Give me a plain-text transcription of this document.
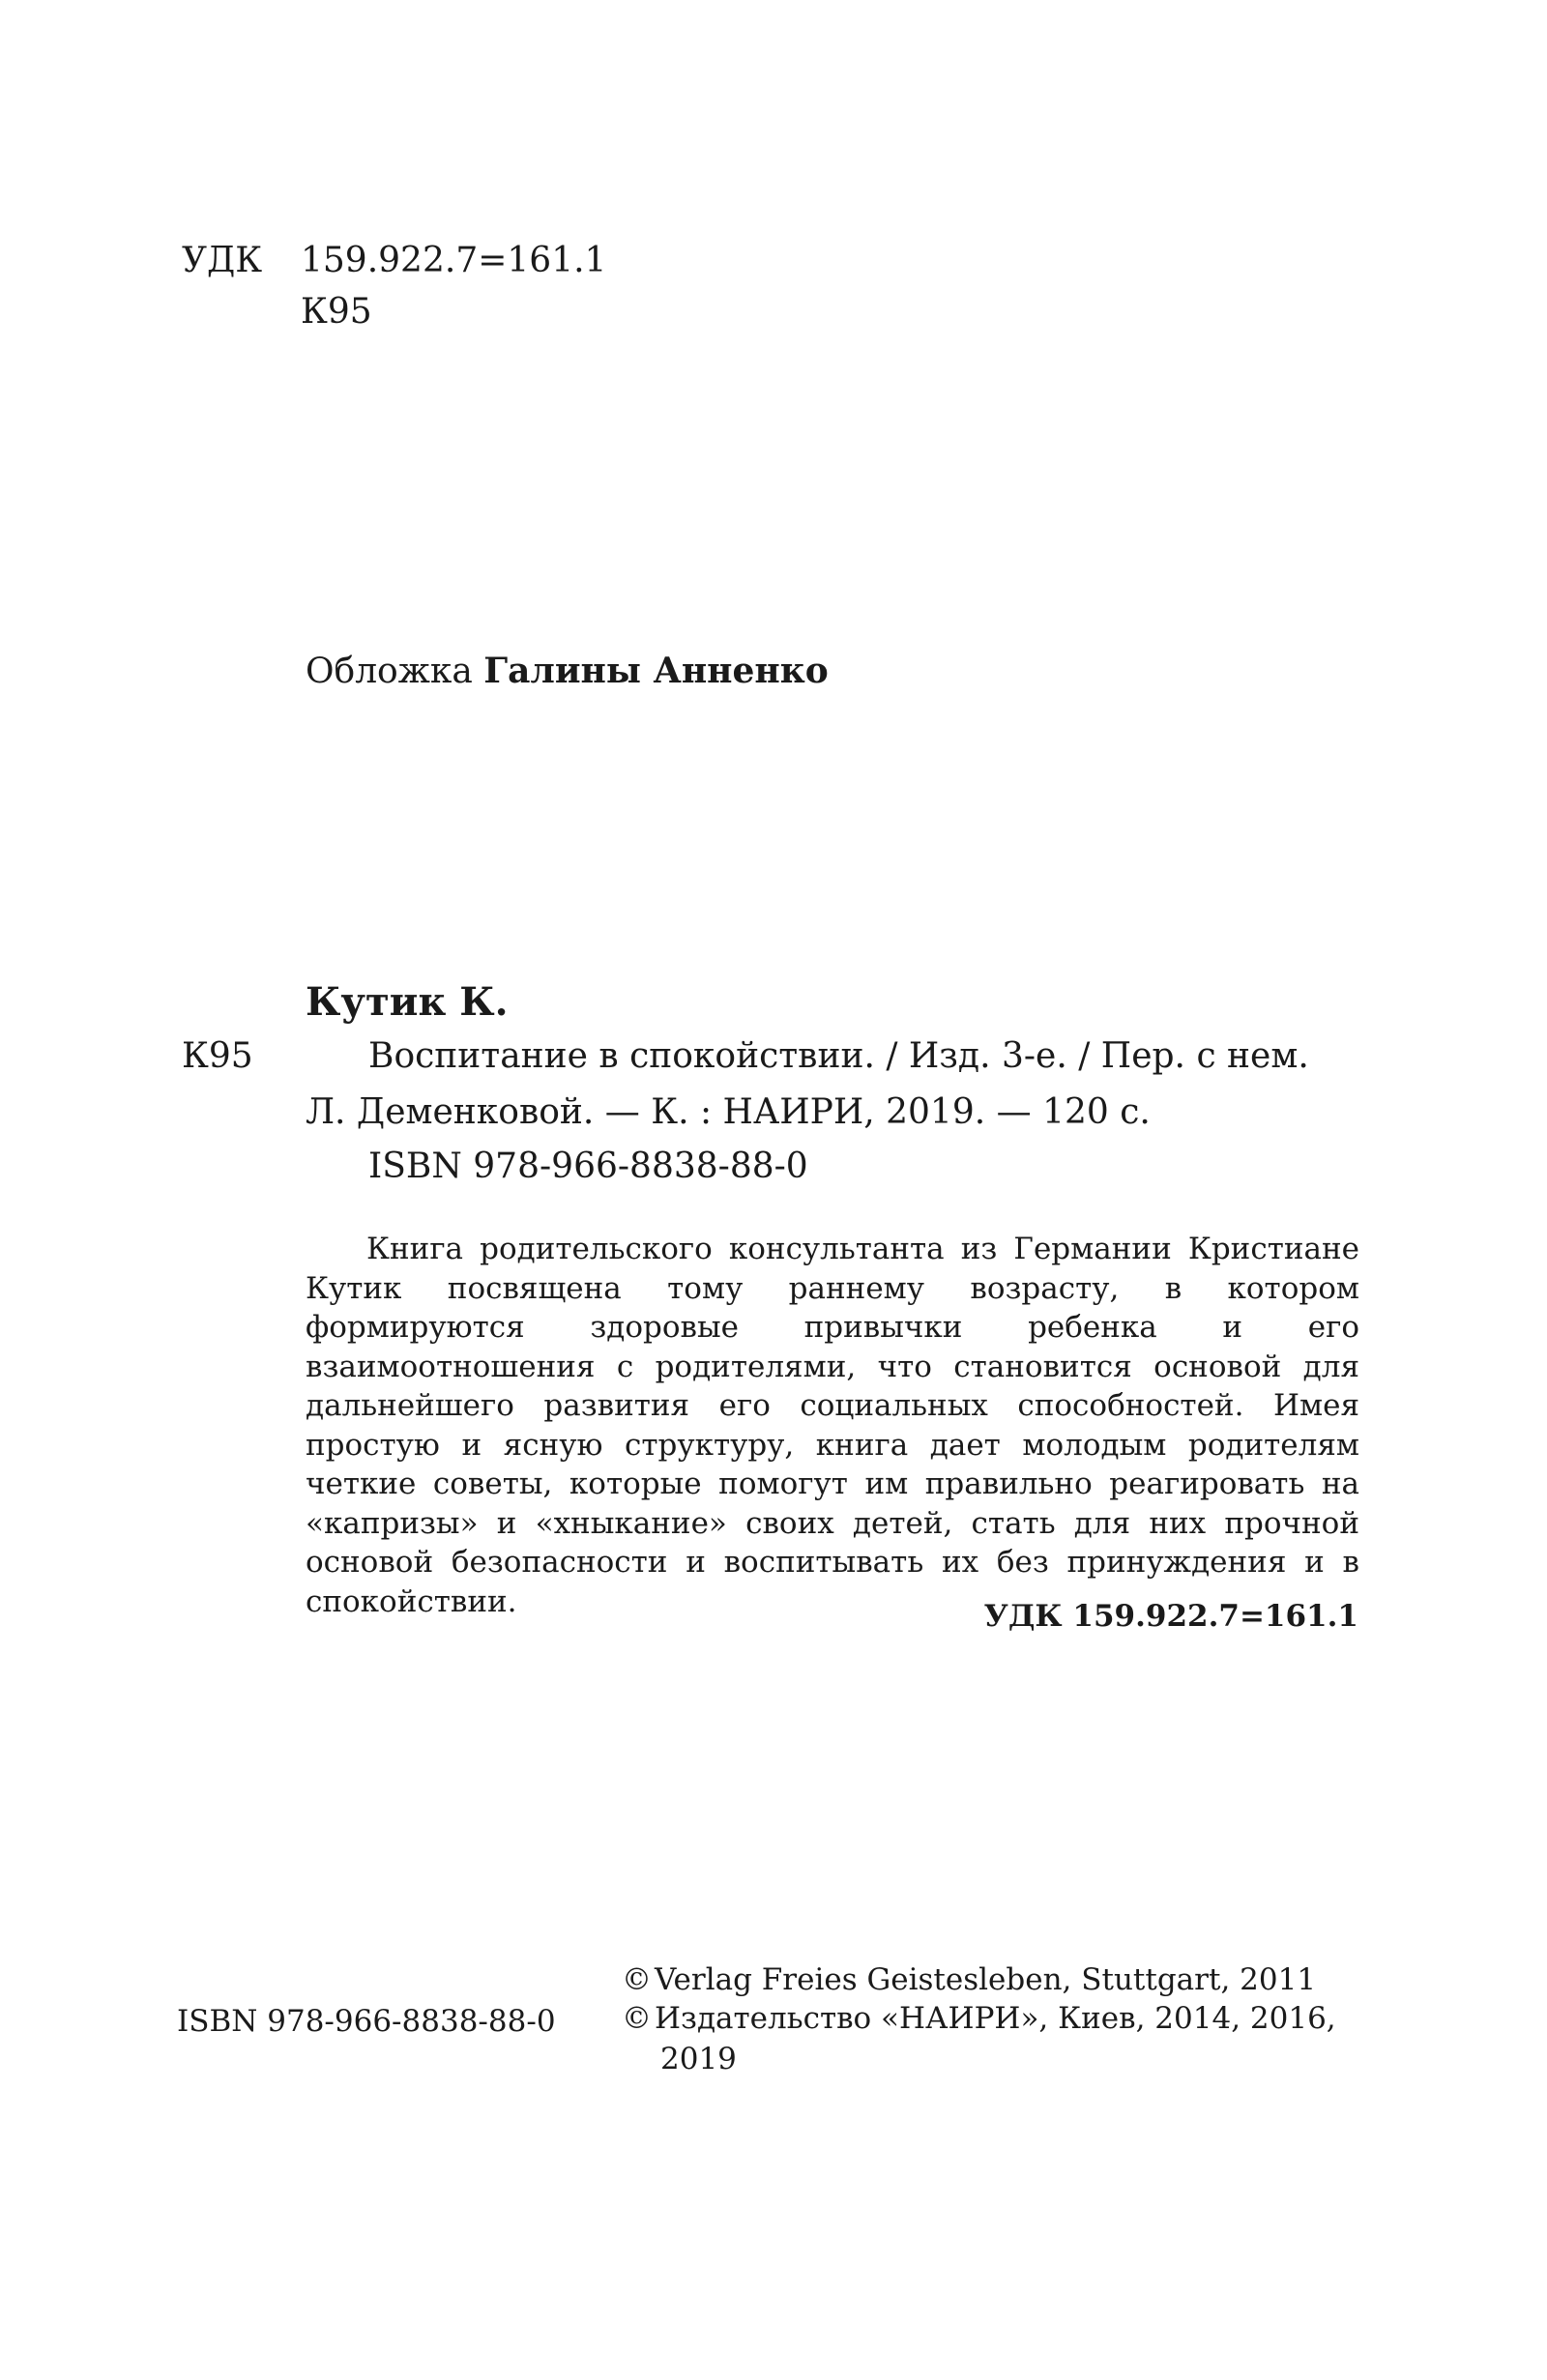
УДК 159.922.7=161.1
К95
Обложка Галины Анненко
Кутик К.
К95	Воспитание в спокойствии. / Изд. 3-е. / Пер. с нем.
Л. Деменковой. — К. : НАИРИ, 2019. — 120 с.
ISBN 978-966-8838-88-0

Книга родительского консультанта из Германии Кристиане Кутик посвящена тому раннему возрасту, в котором формируются здоровые привычки ребенка и его взаимоотношения с родителями, что становится основой для дальнейшего развития его социальных способностей. Имея простую и ясную структуру, книга дает молодым родителям четкие советы, которые помогут им правильно реагировать на «капризы» и «хныкание» своих детей, стать для них прочной основой безопасности и воспитывать их без принуждения и в спокойствии.	УДК 159.922.7=161.1
ISBN 978-966-8838-88-0
©Verlag Freies Geistesleben, Stuttgart, 2011
©Издательство «НАИРИ», Киев, 2014, 2016,
2019
